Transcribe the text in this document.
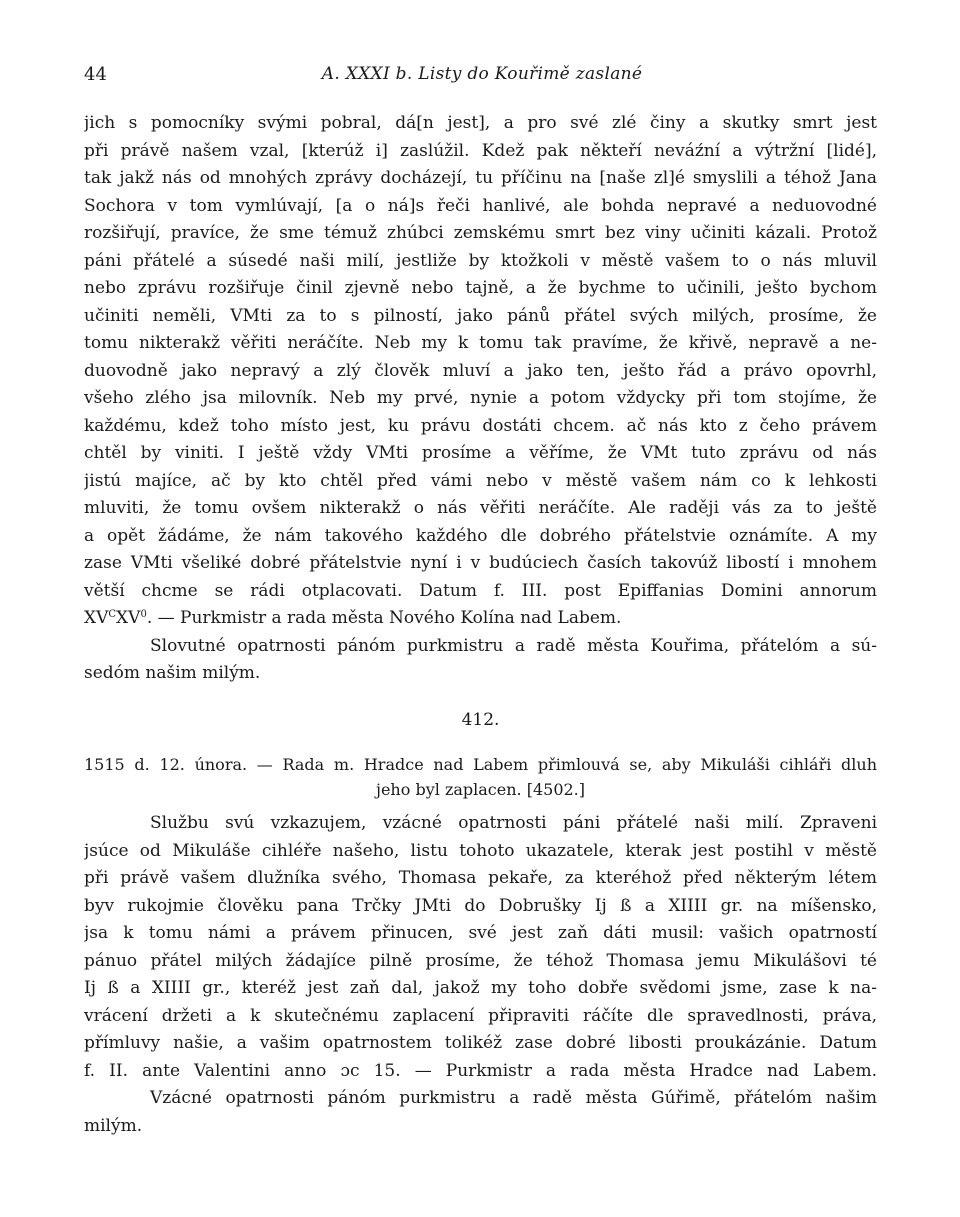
44	A. XXXI b. Listy do Kouřimě zaslané
jich s pomocníky svými pobral, dá[n jest], a pro své zlé činy a skutky smrt jest
při právě našem vzal, [kterúž i] zaslúžil. Kdež pak někteří neváźní a výtržní [lidé],
tak jakž nás od mnohých zprávy docházejí, tu příčinu na [naše zl]é smyslili a téhož Jana
Sochora v tom vymlúvají, [a o ná]s řeči hanlivé, ale bohda nepravé a neduovodné
rozšiřují, pravíce, že sme témuž zhúbci zemskému smrt bez viny učiniti kázali. Protož
páni přátelé a súsedé naši milí, jestliže by ktožkoli v městě vašem to o nás mluvil
nebo zprávu rozšiřuje činil zjevně nebo tajně, a že bychme to učinili, ješto bychom
učiniti neměli, VMti za to s pilností, jako pánů přátel svých milých, prosíme, že
tomu nikterakž věřiti neráčíte. Neb my k tomu tak pravíme, že křivě, nepravě a ne-
duovodně jako nepravý a zlý člověk mluví a jako ten, ješto řád a právo opovrhl,
všeho zlého jsa milovník. Neb my prvé, nynie a potom vždycky při tom stojíme, že
každému, kdež toho místo jest, ku právu dostáti chcem. ač nás kto z čeho právem
chtěl by viniti. I ještě vždy VMti prosíme a věříme, že VMt tuto zprávu od nás
jistú majíce, ač by kto chtěl před vámi nebo v městě vašem nám co k lehkosti
mluviti, že tomu ovšem nikterakž o nás věřiti neráčíte. Ale raději vás za to ještě
a opět žádáme, že nám takového každého dle dobrého přátelstvie oznámíte. A my
zase VMti všeliké dobré přátelstvie nyní i v budúciech časích takovúž libostí i mnohem
větší chcme se rádi otplacovati. Datum f. III. post Epiffanias Domini annorum
$XV^CXV^0$. — Purkmistr a rada města Nového Kolína nad Labem.
Slovutné opatrnosti pánóm purkmistru a radě města Kouřima, přátelóm a sú-
sedóm našim milým.
412.
1515 d. 12. února. — Rada m. Hradce nad Labem přimlouvá se, aby Mikuláši cihláři dluh
jeho byl zaplacen. [4502.]
Službu svú vzkazujem, vzácné opatrnosti páni přátelé naši milí. Zpraveni
jsúce od Mikuláše cihléře našeho, listu tohoto ukazatele, kterak jest postihl v městě
při právě vašem dlužníka svého, Thomasa pekaře, za kteréhož před některým létem
byv rukojmie člověku pana Trčky JMti do Dobrušky Ij ß a XIIII gr. na míšensko,
jsa k tomu námi a právem přinucen, své jest zaň dáti musil: vašich opatrností
pánuo přátel milých žádajíce pilně prosíme, že téhož Thomasa jemu Mikulášovi té
Ij ß a XIIII gr., kteréž jest zaň dal, jakož my toho dobře svědomi jsme, zase k na-
vrácení držeti a k skutečnému zaplacení připraviti ráčíte dle spravedlnosti, práva,
přímluvy našie, a vašim opatrnostem tolikéž zase dobré libosti proukázánie. Datum
f. II. ante Valentini anno ɔc 15. — Purkmistr a rada města Hradce nad Labem.
Vzácné opatrnosti pánóm purkmistru a radě města Gúřimě, přátelóm našim
milým.
